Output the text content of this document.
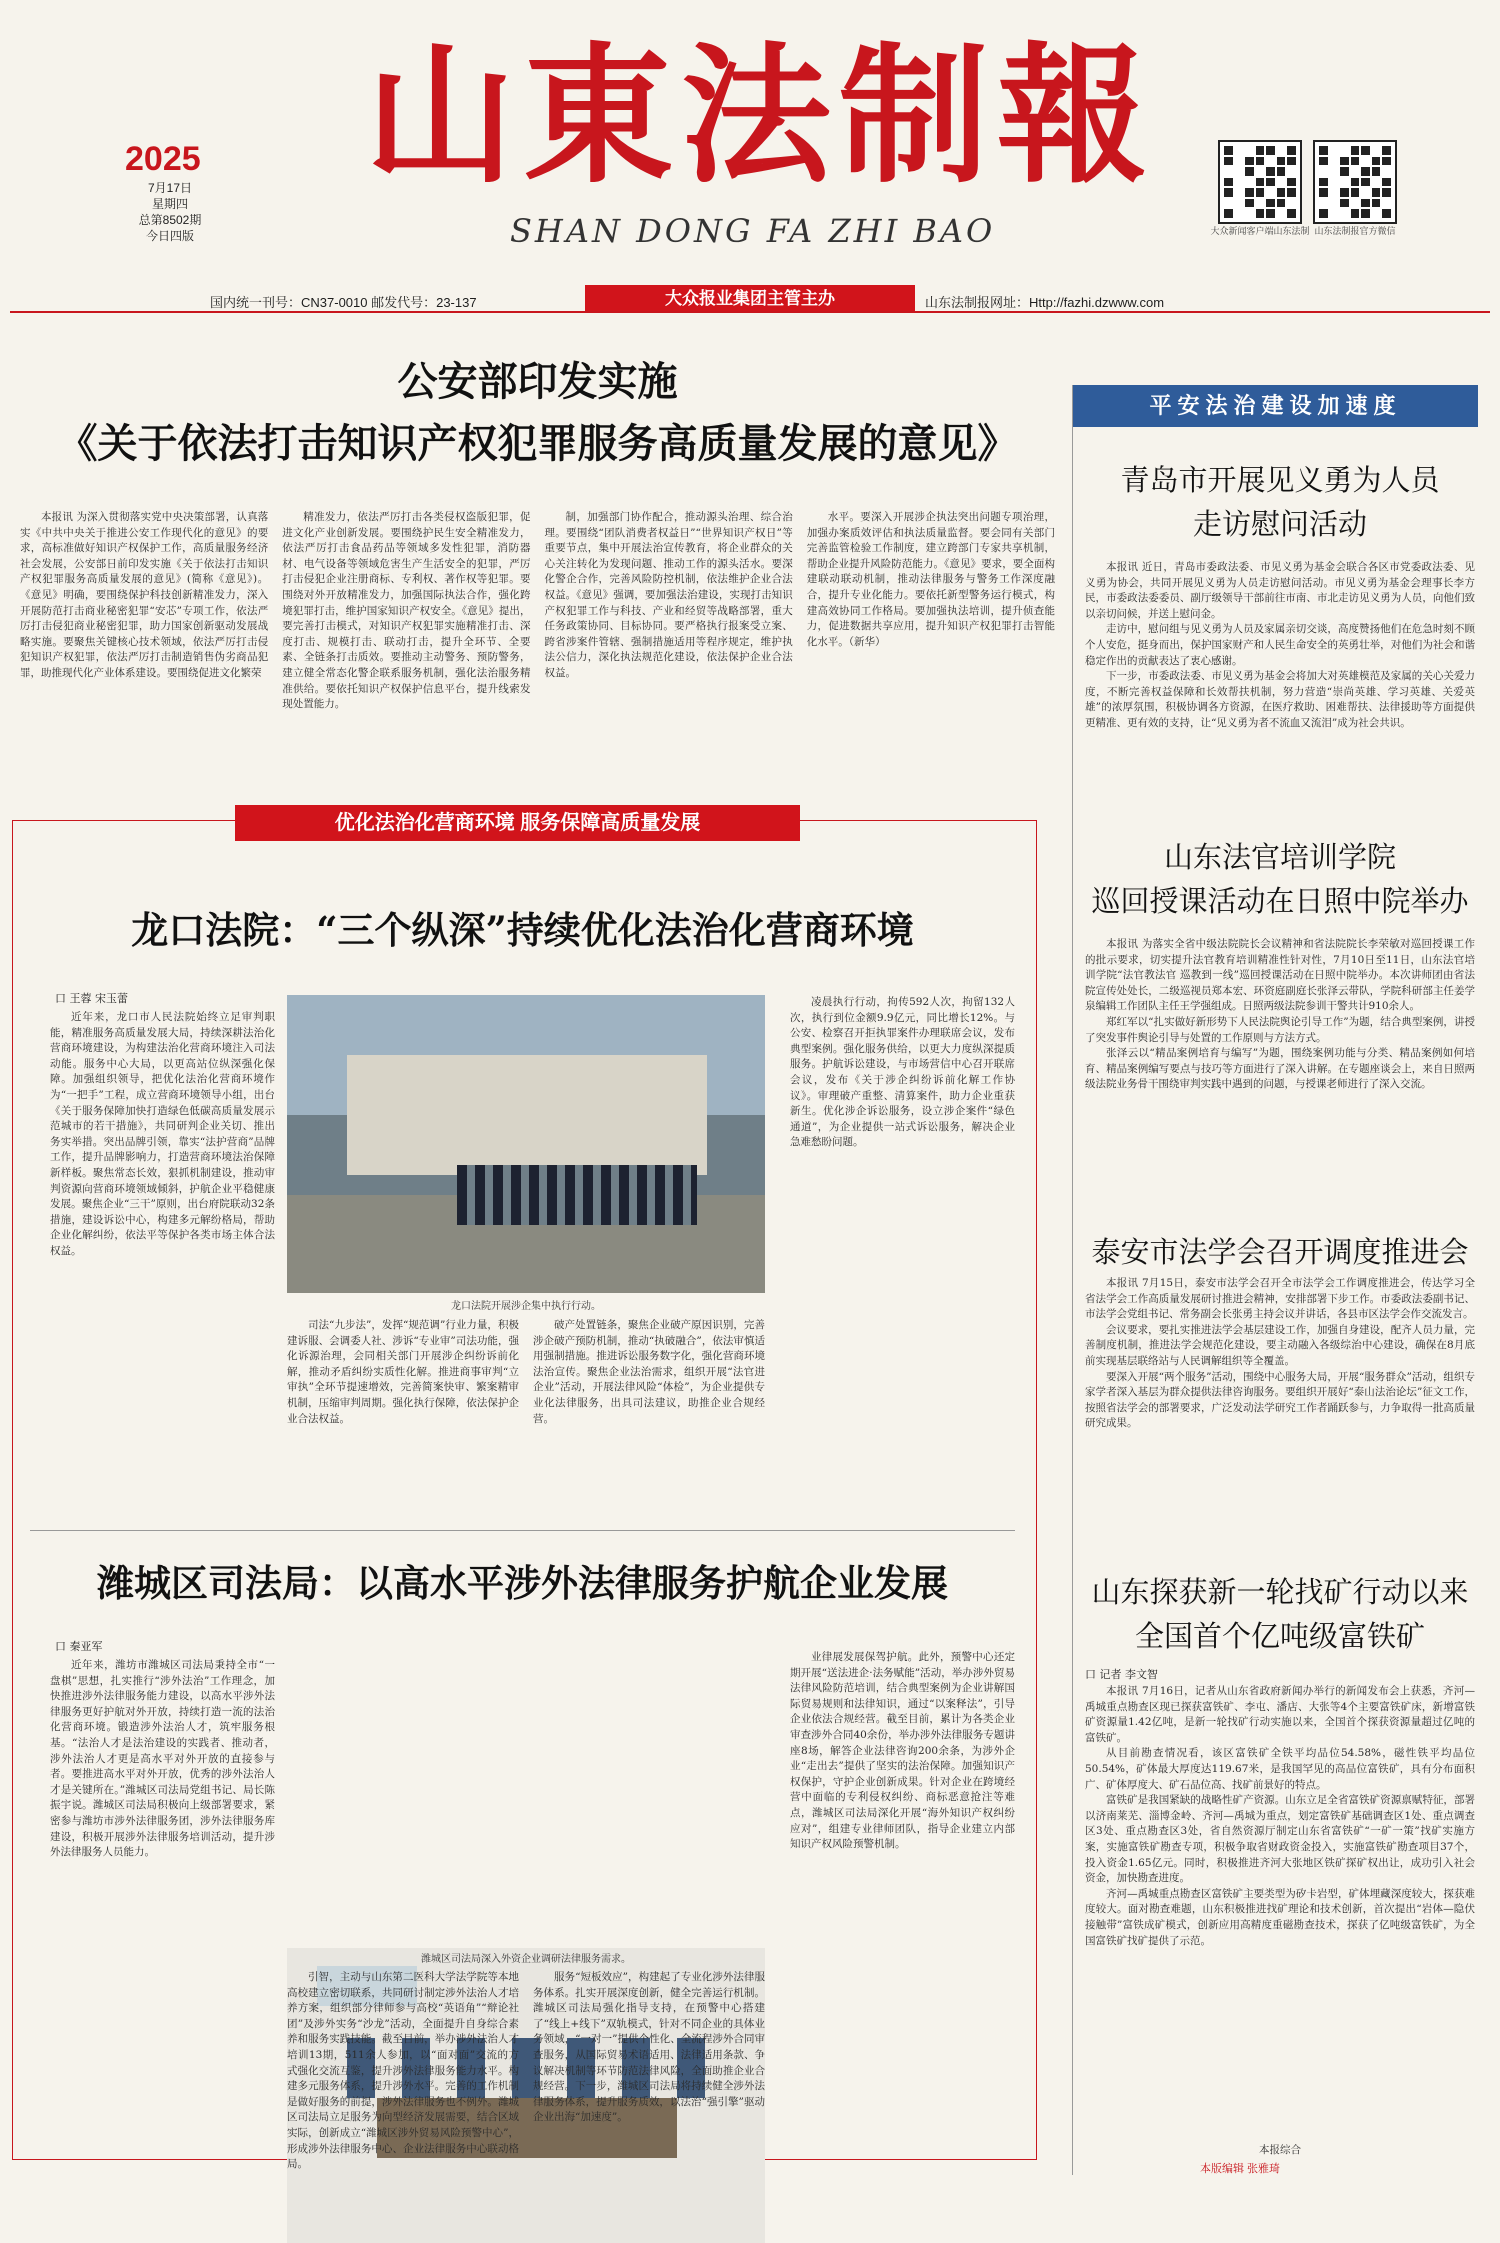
山東法制報
2025
7月17日
星期四
总第8502期
今日四版	SHAN DONG FA ZHI BAO	大众新闻客户端山东法制 山东法制报官方微信
国内统一刊号：CN37-0010 邮发代号：23-137	大众报业集团主管主办	山东法制报网址：Http://fazhi.dzwww.com
公安部印发实施
《关于依法打击知识产权犯罪服务高质量发展的意见》

本报讯 为深入贯彻落实党中央决策部署，认真落实《中共中央关于推进公安工作现代化的意见》的要求，高标准做好知识产权保护工作，高质量服务经济社会发展，公安部日前印发实施《关于依法打击知识产权犯罪服务高质量发展的意见》(简称《意见》)。《意见》明确，要围绕保护科技创新精准发力，深入开展防范打击商业秘密犯罪“安芯”专项工作，依法严厉打击侵犯商业秘密犯罪，助力国家创新驱动发展战略实施。要聚焦关键核心技术领域，依法严厉打击侵犯知识产权犯罪，依法严厉打击制造销售伪劣商品犯罪，助推现代化产业体系建设。要围绕促进文化繁荣

精准发力，依法严厉打击各类侵权盗版犯罪，促进文化产业创新发展。要围绕护民生安全精准发力，依法严厉打击食品药品等领域多发性犯罪，消防器材、电气设备等领域危害生产生活安全的犯罪，严厉打击侵犯企业注册商标、专利权、著作权等犯罪。要围绕对外开放精准发力，加强国际执法合作，强化跨境犯罪打击，维护国家知识产权安全。《意见》提出，要完善打击模式，对知识产权犯罪实施精准打击、深度打击、规模打击、联动打击，提升全环节、全要素、全链条打击质效。要推动主动警务、预防警务，建立健全常态化警企联系服务机制，强化法治服务精准供给。要依托知识产权保护信息平台，提升线索发现处置能力。

制，加强部门协作配合，推动源头治理、综合治理。要围绕“团队消费者权益日”“世界知识产权日”等重要节点，集中开展法治宣传教育，将企业群众的关心关注转化为发现问题、推动工作的源头活水。要深化警企合作，完善风险防控机制，依法维护企业合法权益。《意见》强调，要加强法治建设，实现打击知识产权犯罪工作与科技、产业和经贸等战略部署，重大任务政策协同、目标协同。要严格执行报案受立案、跨省涉案件管辖、强制措施适用等程序规定，维护执法公信力，深化执法规范化建设，依法保护企业合法权益。

水平。要深入开展涉企执法突出问题专项治理，加强办案质效评估和执法质量监督。要会同有关部门完善监管检验工作制度，建立跨部门专家共享机制，帮助企业提升风险防范能力。《意见》要求，要全面构建联动联动机制，推动法律服务与警务工作深度融合，提升专业化能力。要依托新型警务运行模式，构建高效协同工作格局。要加强执法培训，提升侦查能力，促进数据共享应用，提升知识产权犯罪打击智能化水平。（新华）

优化法治化营商环境 服务保障高质量发展
龙口法院：“三个纵深”持续优化法治化营商环境
口 王蓉 宋玉蕾

近年来，龙口市人民法院始终立足审判职能，精准服务高质量发展大局，持续深耕法治化营商环境建设，为构建法治化营商环境注入司法动能。服务中心大局，以更高站位纵深强化保障。加强组织领导，把优化法治化营商环境作为“一把手”工程，成立营商环境领导小组，出台《关于服务保障加快打造绿色低碳高质量发展示范城市的若干措施》，共同研判企业关切、推出务实举措。突出品牌引领，靠实“法护营商”品牌工作，提升品牌影响力，打造营商环境法治保障新样板。聚焦常态长效，狠抓机制建设，推动审判资源向营商环境领域倾斜，护航企业平稳健康发展。聚焦企业“三干”原则，出台府院联动32条措施，建设诉讼中心，构建多元解纷格局，帮助企业化解纠纷，依法平等保护各类市场主体合法权益。

龙口法院开展涉企集中执行行动。

司法“九步法”，发挥“规范调”行业力量，积极建诉服、会调委人社、涉诉“专业审”司法功能，强化诉源治理，会同相关部门开展涉企纠纷诉前化解，推动矛盾纠纷实质性化解。推进商事审判“立审执”全环节提速增效，完善简案快审、繁案精审机制，压缩审判周期。强化执行保障，依法保护企业合法权益。

破产处置链条，聚焦企业破产原因识别，完善涉企破产预防机制，推动“执破融合”，依法审慎适用强制措施。推进诉讼服务数字化，强化营商环境法治宣传。聚焦企业法治需求，组织开展“法官进企业”活动，开展法律风险“体检”，为企业提供专业化法律服务，出具司法建议，助推企业合规经营。

凌晨执行行动，拘传592人次，拘留132人次，执行到位金额9.9亿元，同比增长12%。与公安、检察召开拒执罪案件办理联席会议，发布典型案例。强化服务供给，以更大力度纵深提质服务。护航诉讼建设，与市场营信中心召开联席会议，发布《关于涉企纠纷诉前化解工作协议》。审理破产重整、清算案件，助力企业重获新生。优化涉企诉讼服务，设立涉企案件“绿色通道”，为企业提供一站式诉讼服务，解决企业急难愁盼问题。

潍城区司法局：以高水平涉外法律服务护航企业发展
口 秦亚军

近年来，潍坊市潍城区司法局秉持全市“一盘棋”思想，扎实推行“涉外法治”工作理念，加快推进涉外法律服务能力建设，以高水平涉外法律服务更好护航对外开放，持续打造一流的法治化营商环境。锻造涉外法治人才，筑牢服务根基。“法治人才是法治建设的实践者、推动者，涉外法治人才更是高水平对外开放的直接参与者。要推进高水平对外开放，优秀的涉外法治人才是关键所在。”潍城区司法局党组书记、局长陈振宇说。潍城区司法局积极向上级部署要求，紧密参与潍坊市涉外法律服务团，涉外法律服务库建设，积极开展涉外法律服务培训活动，提升涉外法律服务人员能力。

潍城区司法局深入外资企业调研法律服务需求。

引智，主动与山东第二医科大学法学院等本地高校建立密切联系，共同研讨制定涉外法治人才培养方案，组织部分律师参与高校“英语角”“辩论社团”及涉外实务“沙龙”活动，全面提升自身综合素养和服务实践技能。截至目前，举办涉外法治人才培训13期，511余人参加，以“面对面”交流的方式强化交流互鉴，提升涉外法律服务能力水平。构建多元服务体系，提升涉外水平。完善的工作机制是做好服务的前提，涉外法律服务也不例外。潍城区司法局立足服务为向型经济发展需要，结合区域实际，创新成立“潍城区涉外贸易风险预警中心”，形成涉外法律服务中心、企业法律服务中心联动格局。

服务“短板效应”，构建起了专业化涉外法律服务体系。扎实开展深度创新，健全完善运行机制。潍城区司法局强化指导支持，在预警中心搭建了“线上+线下”双轨模式，针对不同企业的具体业务领域，“一对一”提供个性化、全流程涉外合同审查服务，从国际贸易术语适用、法律适用条款、争议解决机制等环节防范法律风险，全面助推企业合规经营。下一步，潍城区司法局将持续健全涉外法律服务体系，提升服务质效，以法治“强引擎”驱动企业出海“加速度”。

业律展发展保驾护航。此外，预警中心还定期开展“送法进企·法务赋能”活动，举办涉外贸易法律风险防范培训，结合典型案例为企业讲解国际贸易规则和法律知识，通过“以案释法”，引导企业依法合规经营。截至目前，累计为各类企业审查涉外合同40余份，举办涉外法律服务专题讲座8场，解答企业法律咨询200余条，为涉外企业“走出去”提供了坚实的法治保障。加强知识产权保护，守护企业创新成果。针对企业在跨境经营中面临的专利侵权纠纷、商标恶意抢注等难点，潍城区司法局深化开展“海外知识产权纠纷应对”，组建专业律师团队，指导企业建立内部知识产权风险预警机制。

平安法治建设加速度
青岛市开展见义勇为人员
走访慰问活动

本报讯 近日，青岛市委政法委、市见义勇为基金会联合各区市党委政法委、见义勇为协会，共同开展见义勇为人员走访慰问活动。市见义勇为基金会理事长李方民，市委政法委委员、副厅级领导干部前往市南、市北走访见义勇为人员，向他们致以亲切问候，并送上慰问金。

走访中，慰问组与见义勇为人员及家属亲切交谈，高度赞扬他们在危急时刻不顾个人安危，挺身而出，保护国家财产和人民生命安全的英勇壮举，对他们为社会和谐稳定作出的贡献表达了衷心感谢。

下一步，市委政法委、市见义勇为基金会将加大对英雄模范及家属的关心关爱力度，不断完善权益保障和长效帮扶机制，努力营造“崇尚英雄、学习英雄、关爱英雄”的浓厚氛围，积极协调各方资源，在医疗救助、困难帮扶、法律援助等方面提供更精准、更有效的支持，让“见义勇为者不流血又流泪”成为社会共识。

山东法官培训学院
巡回授课活动在日照中院举办

本报讯 为落实全省中级法院院长会议精神和省法院院长李荣敏对巡回授课工作的批示要求，切实提升法官教育培训精准性针对性，7月10日至11日，山东法官培训学院“法官教法官 巡教到一线”巡回授课活动在日照中院举办。本次讲师团由省法院宣传处处长，二级巡视员郑本宏、环资庭副庭长张泽云带队，学院科研部主任姜学泉编辑工作团队主任王学强组成。日照两级法院参训干警共计910余人。

郑红军以“扎实做好新形势下人民法院舆论引导工作”为题，结合典型案例，讲授了突发事件舆论引导与处置的工作原则与方法方式。

张泽云以“精品案例培育与编写”为题，围绕案例功能与分类、精品案例如何培育、精品案例编写要点与技巧等方面进行了深入讲解。在专题座谈会上，来自日照两级法院业务骨干围绕审判实践中遇到的问题，与授课老师进行了深入交流。

泰安市法学会召开调度推进会

本报讯 7月15日，泰安市法学会召开全市法学会工作调度推进会，传达学习全省法学会工作高质量发展研讨推进会精神，安排部署下步工作。市委政法委副书记、市法学会党组书记、常务副会长张勇主持会议并讲话，各县市区法学会作交流发言。

会议要求，要扎实推进法学会基层建设工作，加强自身建设，配齐人员力量，完善制度机制，推进法学会规范化建设，要主动融入各级综治中心建设，确保在8月底前实现基层联络站与人民调解组织等全覆盖。

要深入开展“两个服务”活动，围绕中心服务大局，开展“服务群众”活动，组织专家学者深入基层为群众提供法律咨询服务。要组织开展好“泰山法治论坛”征文工作，按照省法学会的部署要求，广泛发动法学研究工作者踊跃参与，力争取得一批高质量研究成果。

山东探获新一轮找矿行动以来
全国首个亿吨级富铁矿
口 记者 李文智

本报讯 7月16日，记者从山东省政府新闻办举行的新闻发布会上获悉，齐河—禹城重点勘查区现已探获富铁矿、李屯、潘店、大张等4个主要富铁矿床，新增富铁矿资源量1.42亿吨，是新一轮找矿行动实施以来，全国首个探获资源量超过亿吨的富铁矿。

从目前勘查情况看，该区富铁矿全铁平均品位54.58%，磁性铁平均品位50.54%，矿体最大厚度达119.67米，是我国罕见的高品位富铁矿，具有分布面积广、矿体厚度大、矿石品位高、找矿前景好的特点。

富铁矿是我国紧缺的战略性矿产资源。山东立足全省富铁矿资源禀赋特征，部署以济南莱芜、淄博金岭、齐河—禹城为重点，划定富铁矿基础调查区1处、重点调查区3处、重点勘查区3处，省自然资源厅制定山东省富铁矿“一矿一策”找矿实施方案，实施富铁矿勘查专项，积极争取省财政资金投入，实施富铁矿勘查项目37个，投入资金1.65亿元。同时，积极推进齐河大张地区铁矿探矿权出让，成功引入社会资金，加快勘查进度。

齐河—禹城重点勘查区富铁矿主要类型为矽卡岩型，矿体埋藏深度较大，探获难度较大。面对勘查难题，山东积极推进找矿理论和技术创新，首次提出“岩体—隐伏接触带”富铁成矿模式，创新应用高精度重磁勘查技术，探获了亿吨级富铁矿，为全国富铁矿找矿提供了示范。

本报综合
本版编辑 张雅琦
